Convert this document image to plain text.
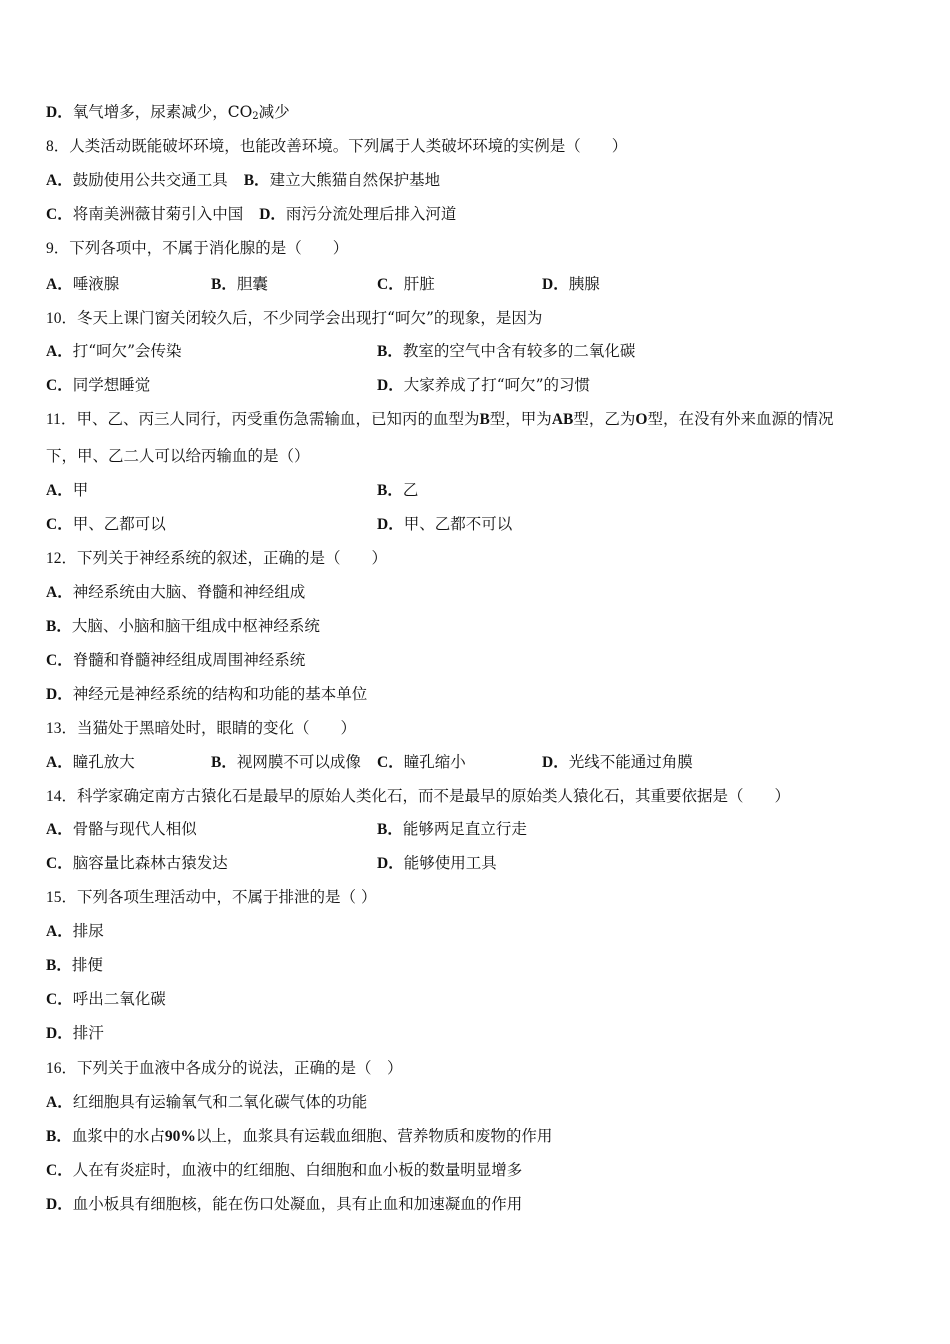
D．氧气增多，尿素减少，$CO_2$减少
8．人类活动既能破坏环境，也能改善环境。下列属于人类破坏环境的实例是（　　）
A．鼓励使用公共交通工具 B．建立大熊猫自然保护基地
C．将南美洲薇甘菊引入中国 D．雨污分流处理后排入河道
9．下列各项中，不属于消化腺的是（　　）
A．唾液腺	B．胆囊	C．肝脏	D．胰腺
10．冬天上课门窗关闭较久后，不少同学会出现打“呵欠”的现象，是因为
A．打“呵欠”会传染	B．教室的空气中含有较多的二氧化碳
C．同学想睡觉	D．大家养成了打“呵欠”的习惯
11．甲、乙、丙三人同行，丙受重伤急需输血，已知丙的血型为B型，甲为AB型，乙为O型，在没有外来血源的情况
下，甲、乙二人可以给丙输血的是（）
A．甲	B．乙
C．甲、乙都可以	D．甲、乙都不可以
12．下列关于神经系统的叙述，正确的是（　　）
A．神经系统由大脑、脊髓和神经组成
B．大脑、小脑和脑干组成中枢神经系统
C．脊髓和脊髓神经组成周围神经系统
D．神经元是神经系统的结构和功能的基本单位
13．当猫处于黑暗处时，眼睛的变化（　　）
A．瞳孔放大	B．视网膜不可以成像 C．瞳孔缩小	D．光线不能通过角膜
14．科学家确定南方古猿化石是最早的原始人类化石，而不是最早的原始类人猿化石，其重要依据是（　　）
A．骨骼与现代人相似	B．能够两足直立行走
C．脑容量比森林古猿发达	D．能够使用工具
15．下列各项生理活动中，不属于排泄的是（ ）
A．排尿
B．排便
C．呼出二氧化碳
D．排汗
16．下列关于血液中各成分的说法，正确的是（　）
A．红细胞具有运输氧气和二氧化碳气体的功能
B．血浆中的水占90%以上，血浆具有运载血细胞、营养物质和废物的作用
C．人在有炎症时，血液中的红细胞、白细胞和血小板的数量明显增多
D．血小板具有细胞核，能在伤口处凝血，具有止血和加速凝血的作用
